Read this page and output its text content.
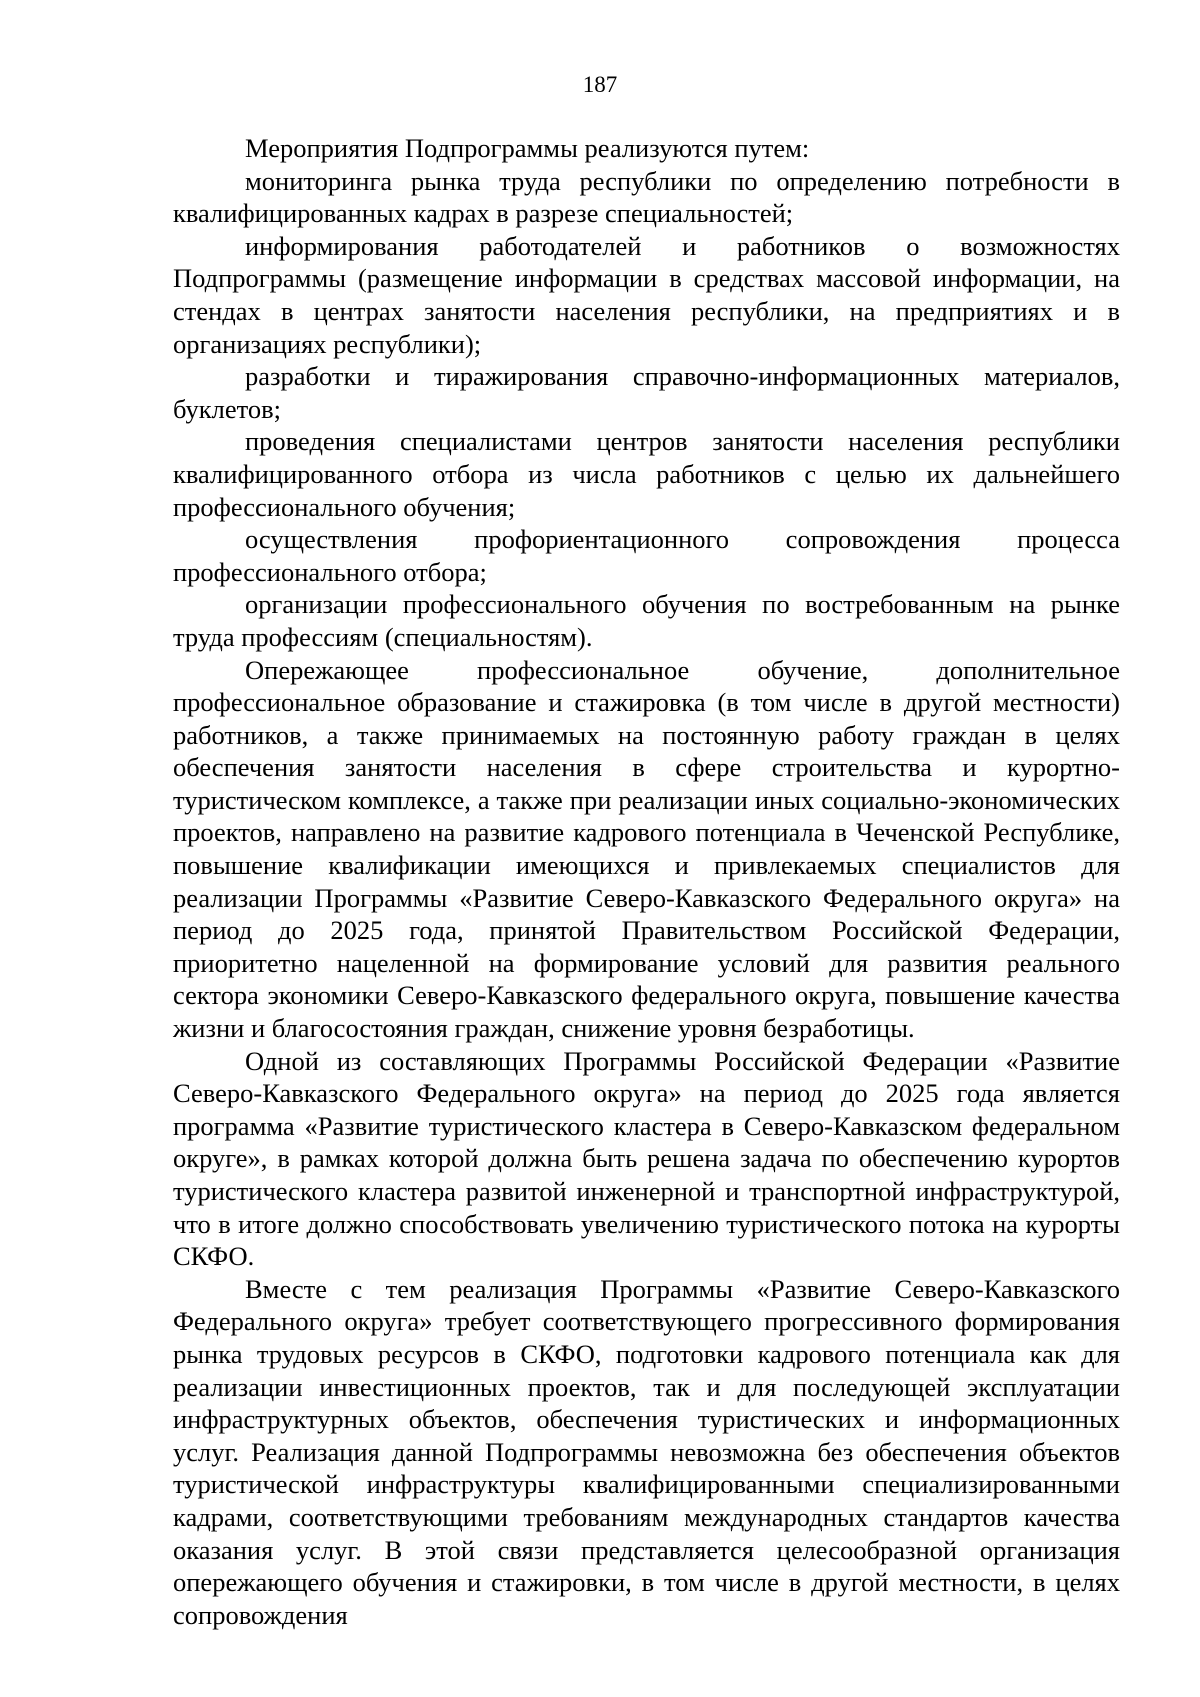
187

Мероприятия Подпрограммы реализуются путем:

мониторинга рынка труда республики по определению потребности в квалифицированных кадрах в разрезе специальностей;

информирования работодателей и работников о возможностях Подпрограммы (размещение информации в средствах массовой информации, на стендах в центрах занятости населения республики, на предприятиях и в организациях республики);

разработки и тиражирования справочно-информационных материалов, буклетов;

проведения специалистами центров занятости населения республики квалифицированного отбора из числа работников с целью их дальнейшего профессионального обучения;

осуществления профориентационного сопровождения процесса профессионального отбора;

организации профессионального обучения по востребованным на рынке труда профессиям (специальностям).

Опережающее профессиональное обучение, дополнительное профессиональное образование и стажировка (в том числе в другой местности) работников, а также принимаемых на постоянную работу граждан в целях обеспечения занятости населения в сфере строительства и курортно-туристическом комплексе, а также при реализации иных социально-экономических проектов, направлено на развитие кадрового потенциала в Чеченской Республике, повышение квалификации имеющихся и привлекаемых специалистов для реализации Программы «Развитие Северо-Кавказского Федерального округа» на период до 2025 года, принятой Правительством Российской Федерации, приоритетно нацеленной на формирование условий для развития реального сектора экономики Северо-Кавказского федерального округа, повышение качества жизни и благосостояния граждан, снижение уровня безработицы.

Одной из составляющих Программы Российской Федерации «Развитие Северо-Кавказского Федерального округа» на период до 2025 года является программа «Развитие туристического кластера в Северо-Кавказском федеральном округе», в рамках которой должна быть решена задача по обеспечению курортов туристического кластера развитой инженерной и транспортной инфраструктурой, что в итоге должно способствовать увеличению туристического потока на курорты СКФО.

Вместе с тем реализация Программы «Развитие Северо-Кавказского Федерального округа» требует соответствующего прогрессивного формирования рынка трудовых ресурсов в СКФО, подготовки кадрового потенциала как для реализации инвестиционных проектов, так и для последующей эксплуатации инфраструктурных объектов, обеспечения туристических и информационных услуг. Реализация данной Подпрограммы невозможна без обеспечения объектов туристической инфраструктуры квалифицированными специализированными кадрами, соответствующими требованиям международных стандартов качества оказания услуг. В этой связи представляется целесообразной организация опережающего обучения и стажировки, в том числе в другой местности, в целях сопровождения
